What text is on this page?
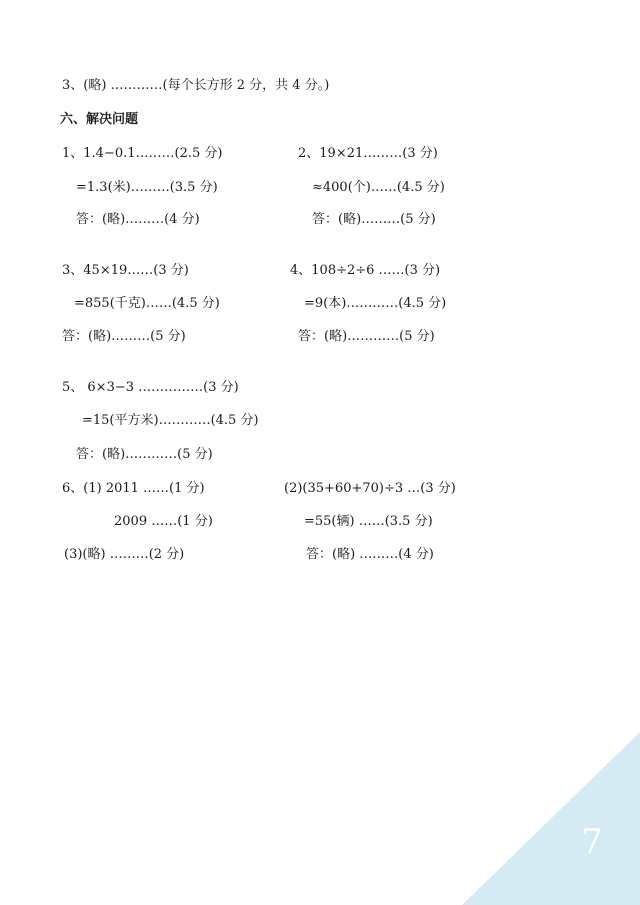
3、(略) …………(每个长方形 2 分，共 4 分。)
六、解决问题
1、1.4−0.1………(2.5 分)
=1.3(米)………(3.5 分)
答：(略)………(4 分)
2、19×21………(3 分)
≈400(个)……(4.5 分)
答：(略)………(5 分)
3、45×19……(3 分)
=855(千克)……(4.5 分)
答：(略)………(5 分)
4、108÷2÷6 ……(3 分)
=9(本)…………(4.5 分)
答：(略)…………(5 分)
5、 6×3−3 ……………(3 分)
=15(平方米)…………(4.5 分)
答：(略)…………(5 分)
6、(1) 2011 ……(1 分)	(2)(35+60+70)÷3 …(3 分)
2009 ……(1 分)	=55(辆) ……(3.5 分)
(3)(略) ………(2 分)	答：(略) ………(4 分)
7
